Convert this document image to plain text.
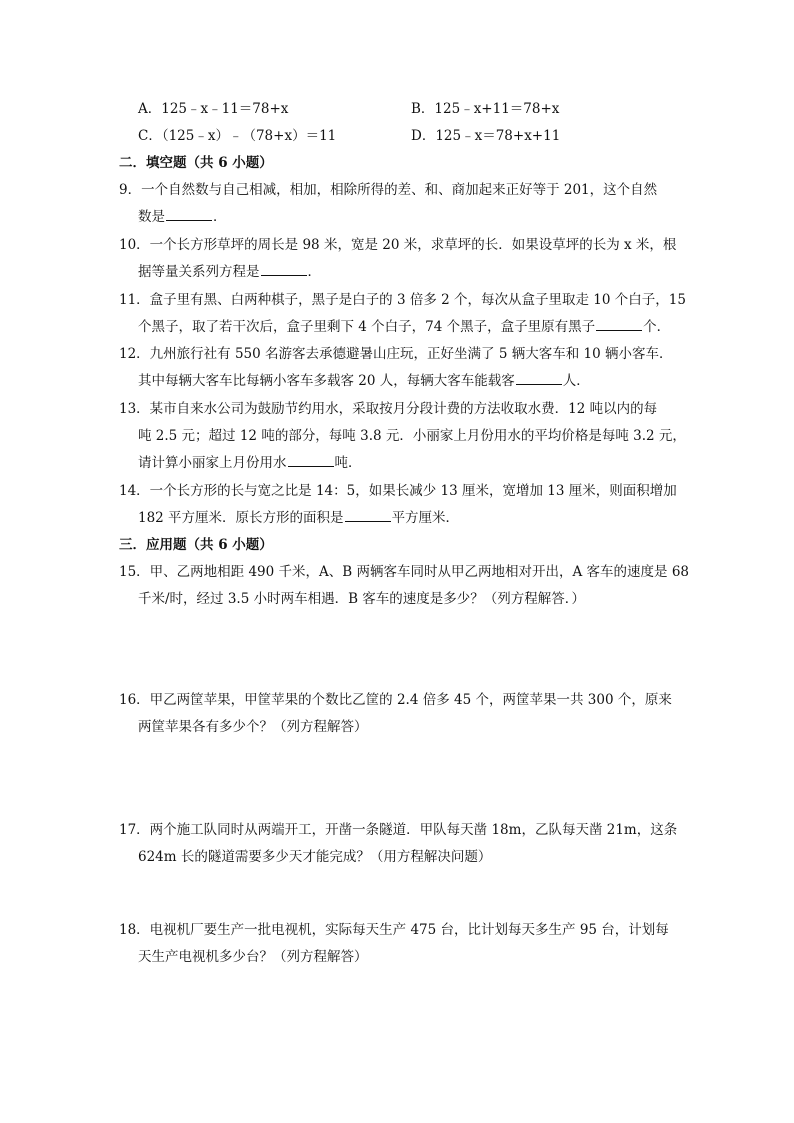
A．125﹣x﹣11＝78+x	B．125﹣x+11＝78+x
C．（125﹣x）﹣（78+x）＝11	D．125﹣x＝78+x+11
二．填空题（共 6 小题）
9．一个自然数与自己相减，相加，相除所得的差、和、商加起来正好等于 201，这个自然
数是	．
10．一个长方形草坪的周长是 98 米，宽是 20 米，求草坪的长．如果设草坪的长为 x 米，根
据等量关系列方程是	．
11．盒子里有黑、白两种棋子，黑子是白子的 3 倍多 2 个，每次从盒子里取走 10 个白子，15
个黑子，取了若干次后，盒子里剩下 4 个白子，74 个黑子，盒子里原有黑子	个．
12．九州旅行社有 550 名游客去承德避暑山庄玩，正好坐满了 5 辆大客车和 10 辆小客车．
其中每辆大客车比每辆小客车多载客 20 人，每辆大客车能载客	人．
13．某市自来水公司为鼓励节约用水，采取按月分段计费的方法收取水费．12 吨以内的每
吨 2.5 元；超过 12 吨的部分，每吨 3.8 元．小丽家上月份用水的平均价格是每吨 3.2 元，
请计算小丽家上月份用水	吨．
14．一个长方形的长与宽之比是 14：5，如果长减少 13 厘米，宽增加 13 厘米，则面积增加
182 平方厘米．原长方形的面积是	平方厘米．
三．应用题（共 6 小题）
15．甲、乙两地相距 490 千米，A、B 两辆客车同时从甲乙两地相对开出，A 客车的速度是 68
千米/时，经过 3.5 小时两车相遇．B 客车的速度是多少？（列方程解答．）
16．甲乙两筐苹果，甲筐苹果的个数比乙筐的 2.4 倍多 45 个，两筐苹果一共 300 个，原来
两筐苹果各有多少个？（列方程解答）
17．两个施工队同时从两端开工，开凿一条隧道．甲队每天凿 18m，乙队每天凿 21m，这条
624m 长的隧道需要多少天才能完成？（用方程解决问题）
18．电视机厂要生产一批电视机，实际每天生产 475 台，比计划每天多生产 95 台，计划每
天生产电视机多少台？（列方程解答）
